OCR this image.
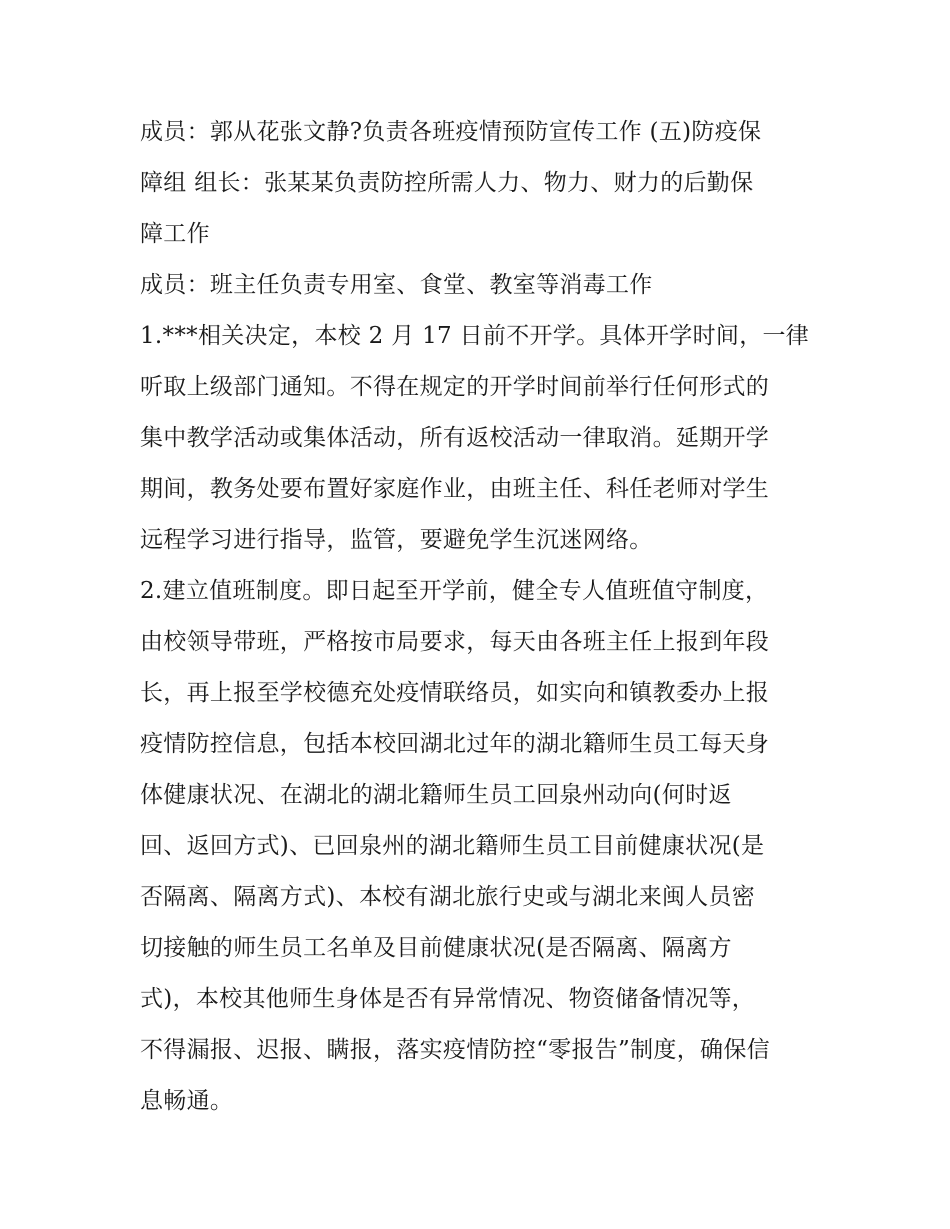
成员：郭从花张文静?负责各班疫情预防宣传工作 (五)防疫保
障组 组长：张某某负责防控所需人力、物力、财力的后勤保
障工作
成员：班主任负责专用室、食堂、教室等消毒工作
1.***相关决定，本校 2 月 17 日前不开学。具体开学时间，一律
听取上级部门通知。不得在规定的开学时间前举行任何形式的
集中教学活动或集体活动，所有返校活动一律取消。延期开学
期间，教务处要布置好家庭作业，由班主任、科任老师对学生
远程学习进行指导，监管，要避免学生沉迷网络。
2.建立值班制度。即日起至开学前，健全专人值班值守制度，
由校领导带班，严格按市局要求，每天由各班主任上报到年段
长，再上报至学校德充处疫情联络员，如实向和镇教委办上报
疫情防控信息，包括本校回湖北过年的湖北籍师生员工每天身
体健康状况、在湖北的湖北籍师生员工回泉州动向(何时返
回、返回方式)、已回泉州的湖北籍师生员工目前健康状况(是
否隔离、隔离方式)、本校有湖北旅行史或与湖北来闽人员密
切接触的师生员工名单及目前健康状况(是否隔离、隔离方
式)，本校其他师生身体是否有异常情况、物资储备情况等，
不得漏报、迟报、瞒报，落实疫情防控“零报告”制度，确保信
息畅通。
